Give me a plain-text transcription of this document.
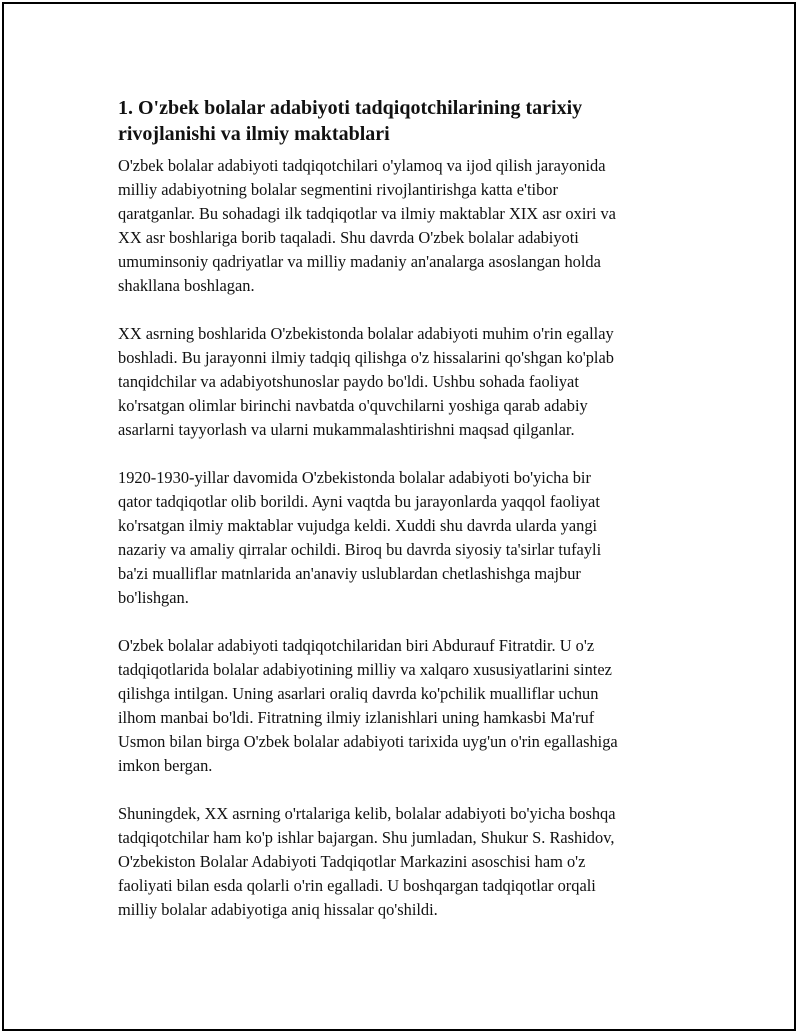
1. O'zbek bolalar adabiyoti tadqiqotchilarining tarixiy
rivojlanishi va ilmiy maktablari

O'zbek bolalar adabiyoti tadqiqotchilari o'ylamoq va ijod qilish jarayonida
milliy adabiyotning bolalar segmentini rivojlantirishga katta e'tibor
qaratganlar. Bu sohadagi ilk tadqiqotlar va ilmiy maktablar XIX asr oxiri va
XX asr boshlariga borib taqaladi. Shu davrda O'zbek bolalar adabiyoti
umuminsoniy qadriyatlar va milliy madaniy an'analarga asoslangan holda
shakllana boshlagan.

XX asrning boshlarida O'zbekistonda bolalar adabiyoti muhim o'rin egallay
boshladi. Bu jarayonni ilmiy tadqiq qilishga o'z hissalarini qo'shgan ko'plab
tanqidchilar va adabiyotshunoslar paydo bo'ldi. Ushbu sohada faoliyat
ko'rsatgan olimlar birinchi navbatda o'quvchilarni yoshiga qarab adabiy
asarlarni tayyorlash va ularni mukammalashtirishni maqsad qilganlar.

1920-1930-yillar davomida O'zbekistonda bolalar adabiyoti bo'yicha bir
qator tadqiqotlar olib borildi. Ayni vaqtda bu jarayonlarda yaqqol faoliyat
ko'rsatgan ilmiy maktablar vujudga keldi. Xuddi shu davrda ularda yangi
nazariy va amaliy qirralar ochildi. Biroq bu davrda siyosiy ta'sirlar tufayli
ba'zi mualliflar matnlarida an'anaviy uslublardan chetlashishga majbur
bo'lishgan.

O'zbek bolalar adabiyoti tadqiqotchilaridan biri Abdurauf Fitratdir. U o'z
tadqiqotlarida bolalar adabiyotining milliy va xalqaro xususiyatlarini sintez
qilishga intilgan. Uning asarlari oraliq davrda ko'pchilik mualliflar uchun
ilhom manbai bo'ldi. Fitratning ilmiy izlanishlari uning hamkasbi Ma'ruf
Usmon bilan birga O'zbek bolalar adabiyoti tarixida uyg'un o'rin egallashiga
imkon bergan.

Shuningdek, XX asrning o'rtalariga kelib, bolalar adabiyoti bo'yicha boshqa
tadqiqotchilar ham ko'p ishlar bajargan. Shu jumladan, Shukur S. Rashidov,
O'zbekiston Bolalar Adabiyoti Tadqiqotlar Markazini asoschisi ham o'z
faoliyati bilan esda qolarli o'rin egalladi. U boshqargan tadqiqotlar orqali
milliy bolalar adabiyotiga aniq hissalar qo'shildi.
